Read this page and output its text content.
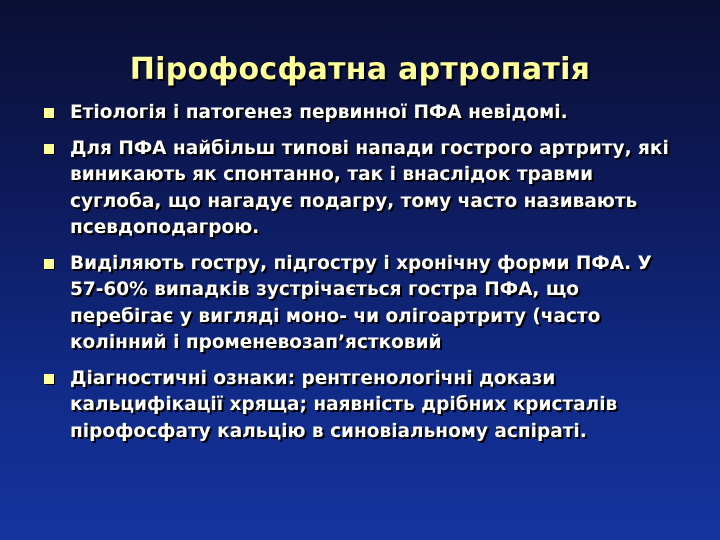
Пірофосфатна артропатія
Етіологія і патогенез первинної ПФА невідомі.
Для ПФА найбільш типові напади гострого артриту, які виникають як спонтанно, так і внаслідок травми суглоба, що нагадує подагру, тому часто називають псевдоподагрою.
Виділяють гостру, підгостру і хронічну форми ПФА. У 57-60% випадків зустрічається гостра ПФА, що перебігає у вигляді моно- чи олігоартриту (часто колінний і променевозап’ястковий
Діагностичні ознаки: рентгенологічні докази кальцифікації хряща; наявність дрібних кристалів пірофосфату кальцію в синовіальному аспіраті.
